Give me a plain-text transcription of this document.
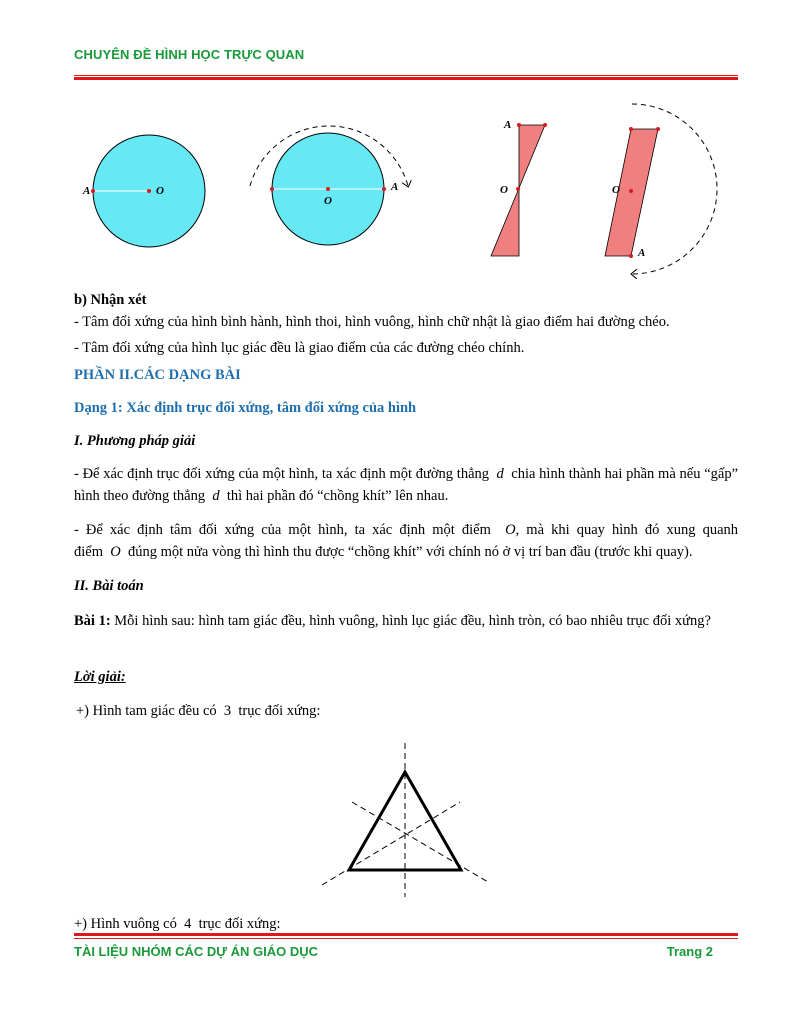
CHUYÊN ĐỀ HÌNH HỌC TRỰC QUAN
A	O
O
A
A
O	O
A
b) Nhận xét
- Tâm đối xứng của hình bình hành, hình thoi, hình vuông, hình chữ nhật là giao điểm hai đường chéo.
- Tâm đối xứng của hình lục giác đều là giao điểm của các đường chéo chính.
PHẦN II.CÁC DẠNG BÀI
Dạng 1: Xác định trục đối xứng, tâm đối xứng của hình
I. Phương pháp giải
- Để xác định trục đối xứng của một hình, ta xác định một đường thẳng d chia hình thành hai phần mà nếu “gấp” hình theo đường thẳng d thì hai phần đó “chồng khít” lên nhau.
- Để xác định tâm đối xứng của một hình, ta xác định một điểm O, mà khi quay hình đó xung quanh điểm O đúng một nửa vòng thì hình thu được “chồng khít” với chính nó ở vị trí ban đầu (trước khi quay).
II. Bài toán
Bài 1: Mỗi hình sau: hình tam giác đều, hình vuông, hình lục giác đều, hình tròn, có bao nhiêu trục đối xứng?
Lời giải:
+) Hình tam giác đều có 3 trục đối xứng:
+) Hình vuông có 4 trục đối xứng:
TÀI LIỆU NHÓM CÁC DỰ ÁN GIÁO DỤC	Trang 2
